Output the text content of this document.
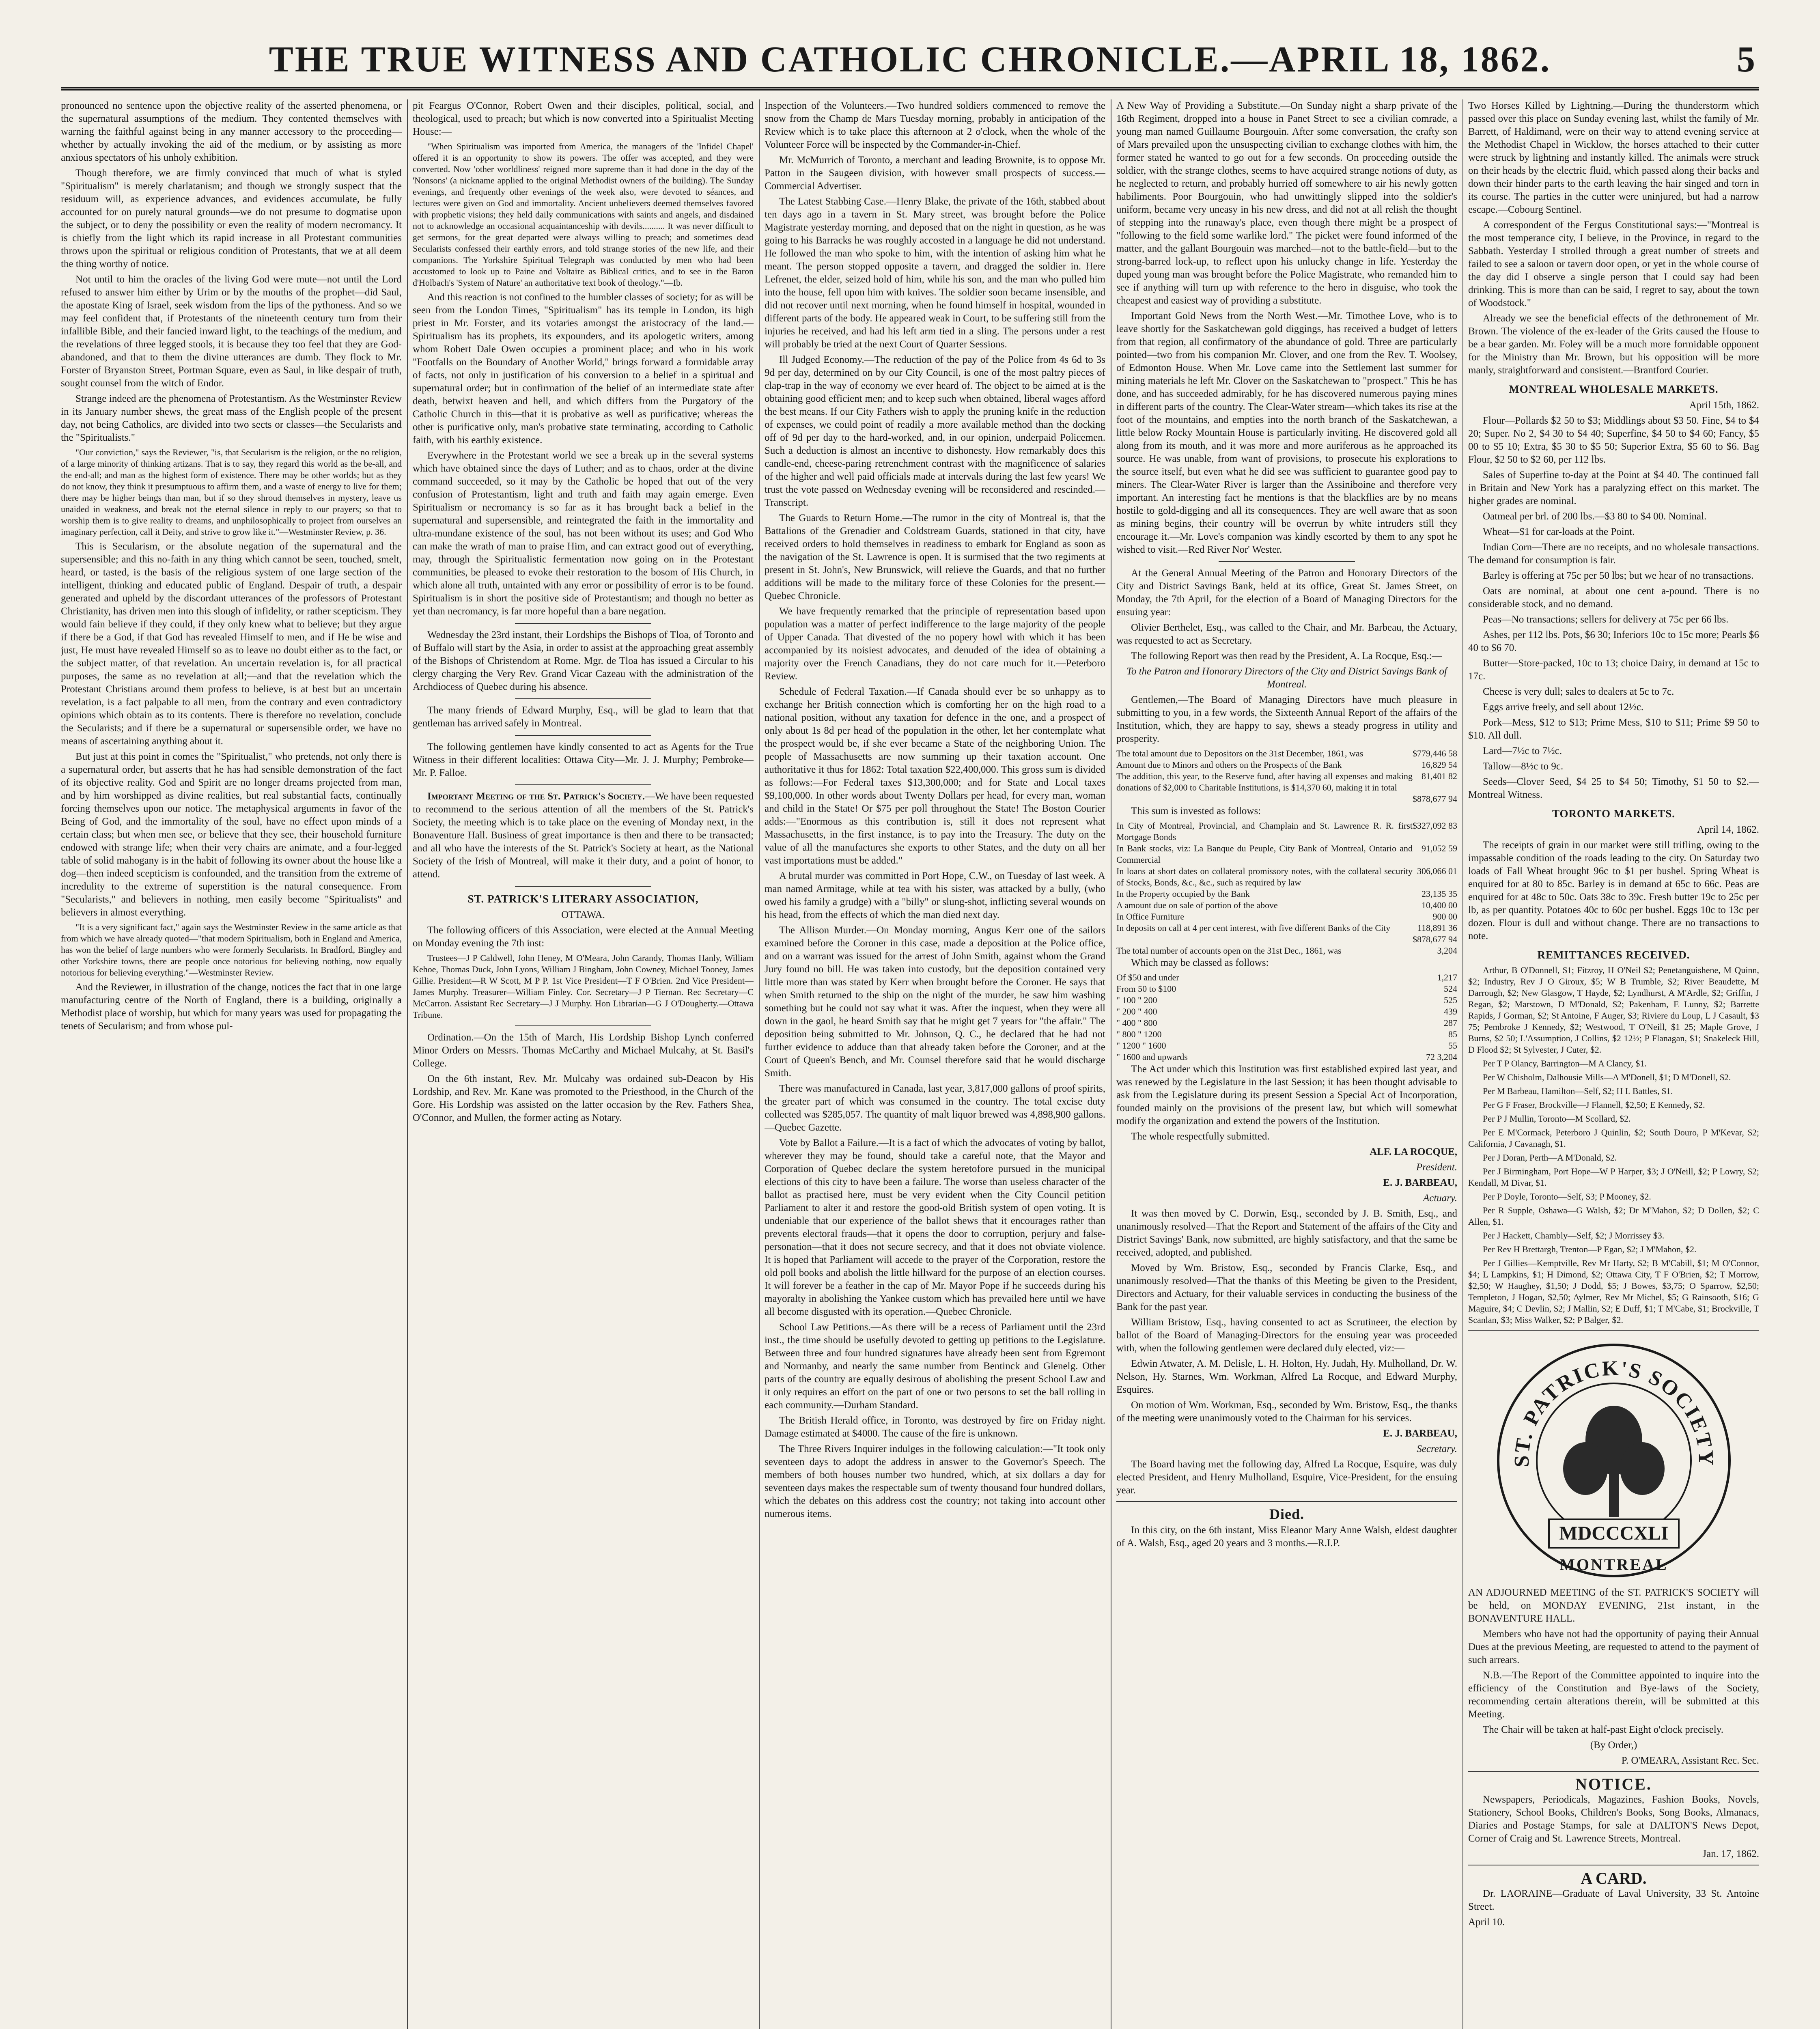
THE TRUE WITNESS AND CATHOLIC CHRONICLE.—APRIL 18, 1862.	5

pronounced no sentence upon the objective reality of the asserted phenomena, or the supernatural assumptions of the medium. They contented themselves with warning the faithful against being in any manner accessory to the proceeding—whether by actually invoking the aid of the medium, or by assisting as more anxious spectators of his unholy exhibition.

Though therefore, we are firmly convinced that much of what is styled "Spiritualism" is merely charlatanism; and though we strongly suspect that the residuum will, as experience advances, and evidences accumulate, be fully accounted for on purely natural grounds—we do not presume to dogmatise upon the subject, or to deny the possibility or even the reality of modern necromancy. It is chiefly from the light which its rapid increase in all Protestant communities throws upon the spiritual or religious condition of Protestants, that we at all deem the thing worthy of notice.

Not until to him the oracles of the living God were mute—not until the Lord refused to answer him either by Urim or by the mouths of the prophet—did Saul, the apostate King of Israel, seek wisdom from the lips of the pythoness. And so we may feel confident that, if Protestants of the nineteenth century turn from their infallible Bible, and their fancied inward light, to the teachings of the medium, and the revelations of three legged stools, it is because they too feel that they are God-abandoned, and that to them the divine utterances are dumb. They flock to Mr. Forster of Bryanston Street, Portman Square, even as Saul, in like despair of truth, sought counsel from the witch of Endor.

Strange indeed are the phenomena of Protestantism. As the Westminster Review in its January number shews, the great mass of the English people of the present day, not being Catholics, are divided into two sects or classes—the Secularists and the "Spiritualists."

"Our conviction," says the Reviewer, "is, that Secularism is the religion, or the no religion, of a large minority of thinking artizans. That is to say, they regard this world as the be-all, and the end-all; and man as the highest form of existence. There may be other worlds; but as they do not know, they think it presumptuous to affirm them, and a waste of energy to live for them; there may be higher beings than man, but if so they shroud themselves in mystery, leave us unaided in weakness, and break not the eternal silence in reply to our prayers; so that to worship them is to give reality to dreams, and unphilosophically to project from ourselves an imaginary perfection, call it Deity, and strive to grow like it."—Westminster Review, p. 36.

This is Secularism, or the absolute negation of the supernatural and the supersensible; and this no-faith in any thing which cannot be seen, touched, smelt, heard, or tasted, is the basis of the religious system of one large section of the intelligent, thinking and educated public of England. Despair of truth, a despair generated and upheld by the discordant utterances of the professors of Protestant Christianity, has driven men into this slough of infidelity, or rather scepticism. They would fain believe if they could, if they only knew what to believe; but they argue if there be a God, if that God has revealed Himself to men, and if He be wise and just, He must have revealed Himself so as to leave no doubt either as to the fact, or the subject matter, of that revelation. An uncertain revelation is, for all practical purposes, the same as no revelation at all;—and that the revelation which the Protestant Christians around them profess to believe, is at best but an uncertain revelation, is a fact palpable to all men, from the contrary and even contradictory opinions which obtain as to its contents. There is therefore no revelation, conclude the Secularists; and if there be a supernatural or supersensible order, we have no means of ascertaining anything about it.

But just at this point in comes the "Spiritualist," who pretends, not only there is a supernatural order, but asserts that he has had sensible demonstration of the fact of its objective reality. God and Spirit are no longer dreams projected from man, and by him worshipped as divine realities, but real substantial facts, continually forcing themselves upon our notice. The metaphysical arguments in favor of the Being of God, and the immortality of the soul, have no effect upon minds of a certain class; but when men see, or believe that they see, their household furniture endowed with strange life; when their very chairs are animate, and a four-legged table of solid mahogany is in the habit of following its owner about the house like a dog—then indeed scepticism is confounded, and the transition from the extreme of incredulity to the extreme of superstition is the natural consequence. From "Secularists," and believers in nothing, men easily become "Spiritualists" and believers in almost everything.

"It is a very significant fact," again says the Westminster Review in the same article as that from which we have already quoted—"that modern Spiritualism, both in England and America, has won the belief of large numbers who were formerly Secularists. In Bradford, Bingley and other Yorkshire towns, there are people once notorious for believing nothing, now equally notorious for believing everything."—Westminster Review.

And the Reviewer, in illustration of the change, notices the fact that in one large manufacturing centre of the North of England, there is a building, originally a Methodist place of worship, but which for many years was used for propagating the tenets of Secularism; and from whose pul-

pit Feargus O'Connor, Robert Owen and their disciples, political, social, and theological, used to preach; but which is now converted into a Spiritualist Meeting House:—

"When Spiritualism was imported from America, the managers of the 'Infidel Chapel' offered it is an opportunity to show its powers. The offer was accepted, and they were converted. Now 'other worldliness' reigned more supreme than it had done in the day of the 'Nonsons' (a nickname applied to the original Methodist owners of the building). The Sunday evenings, and frequently other evenings of the week also, were devoted to séances, and lectures were given on God and immortality. Ancient unbelievers deemed themselves favored with prophetic visions; they held daily communications with saints and angels, and disdained not to acknowledge an occasional acquaintanceship with devils.......... It was never difficult to get sermons, for the great departed were always willing to preach; and sometimes dead Secularists confessed their earthly errors, and told strange stories of the new life, and their companions. The Yorkshire Spiritual Telegraph was conducted by men who had been accustomed to look up to Paine and Voltaire as Biblical critics, and to see in the Baron d'Holbach's 'System of Nature' an authoritative text book of theology."—Ib.

And this reaction is not confined to the humbler classes of society; for as will be seen from the London Times, "Spiritualism" has its temple in London, its high priest in Mr. Forster, and its votaries amongst the aristocracy of the land.—Spiritualism has its prophets, its expounders, and its apologetic writers, among whom Robert Dale Owen occupies a prominent place; and who in his work "Footfalls on the Boundary of Another World," brings forward a formidable array of facts, not only in justification of his conversion to a belief in a spiritual and supernatural order; but in confirmation of the belief of an intermediate state after death, betwixt heaven and hell, and which differs from the Purgatory of the Catholic Church in this—that it is probative as well as purificative; whereas the other is purificative only, man's probative state terminating, according to Catholic faith, with his earthly existence.

Everywhere in the Protestant world we see a break up in the several systems which have obtained since the days of Luther; and as to chaos, order at the divine command succeeded, so it may by the Catholic be hoped that out of the very confusion of Protestantism, light and truth and faith may again emerge. Even Spiritualism or necromancy is so far as it has brought back a belief in the supernatural and supersensible, and reintegrated the faith in the immortality and ultra-mundane existence of the soul, has not been without its uses; and God Who can make the wrath of man to praise Him, and can extract good out of everything, may, through the Spiritualistic fermentation now going on in the Protestant communities, be pleased to evoke their restoration to the bosom of His Church, in which alone all truth, untainted with any error or possibility of error is to be found. Spiritualism is in short the positive side of Protestantism; and though no better as yet than necromancy, is far more hopeful than a bare negation.

Wednesday the 23rd instant, their Lordships the Bishops of Tloa, of Toronto and of Buffalo will start by the Asia, in order to assist at the approaching great assembly of the Bishops of Christendom at Rome. Mgr. de Tloa has issued a Circular to his clergy charging the Very Rev. Grand Vicar Cazeau with the administration of the Archdiocess of Quebec during his absence.

The many friends of Edward Murphy, Esq., will be glad to learn that that gentleman has arrived safely in Montreal.

The following gentlemen have kindly consented to act as Agents for the True Witness in their different localities: Ottawa City—Mr. J. J. Murphy; Pembroke—Mr. P. Falloe.

Important Meeting of the St. Patrick's Society.—We have been requested to recommend to the serious attention of all the members of the St. Patrick's Society, the meeting which is to take place on the evening of Monday next, in the Bonaventure Hall. Business of great importance is then and there to be transacted; and all who have the interests of the St. Patrick's Society at heart, as the National Society of the Irish of Montreal, will make it their duty, and a point of honor, to attend.

ST. PATRICK'S LITERARY ASSOCIATION,
OTTAWA.

The following officers of this Association, were elected at the Annual Meeting on Monday evening the 7th inst:

Trustees—J P Caldwell, John Heney, M O'Meara, John Carandy, Thomas Hanly, William Kehoe, Thomas Duck, John Lyons, William J Bingham, John Cowney, Michael Tooney, James Gillie. President—R W Scott, M P P. 1st Vice President—T F O'Brien. 2nd Vice President—James Murphy. Treasurer—William Finley. Cor. Secretary—J P Tiernan. Rec Secretary—C McCarron. Assistant Rec Secretary—J J Murphy. Hon Librarian—G J O'Dougherty.—Ottawa Tribune.

Ordination.—On the 15th of March, His Lordship Bishop Lynch conferred Minor Orders on Messrs. Thomas McCarthy and Michael Mulcahy, at St. Basil's College.

On the 6th instant, Rev. Mr. Mulcahy was ordained sub-Deacon by His Lordship, and Rev. Mr. Kane was promoted to the Priesthood, in the Church of the Gore. His Lordship was assisted on the latter occasion by the Rev. Fathers Shea, O'Connor, and Mullen, the former acting as Notary.

Inspection of the Volunteers.—Two hundred soldiers commenced to remove the snow from the Champ de Mars Tuesday morning, probably in anticipation of the Review which is to take place this afternoon at 2 o'clock, when the whole of the Volunteer Force will be inspected by the Commander-in-Chief.

Mr. McMurrich of Toronto, a merchant and leading Brownite, is to oppose Mr. Patton in the Saugeen division, with however small prospects of success.—Commercial Advertiser.

The Latest Stabbing Case.—Henry Blake, the private of the 16th, stabbed about ten days ago in a tavern in St. Mary street, was brought before the Police Magistrate yesterday morning, and deposed that on the night in question, as he was going to his Barracks he was roughly accosted in a language he did not understand. He followed the man who spoke to him, with the intention of asking him what he meant. The person stopped opposite a tavern, and dragged the soldier in. Here Lefrenet, the elder, seized hold of him, while his son, and the man who pulled him into the house, fell upon him with knives. The soldier soon became insensible, and did not recover until next morning, when he found himself in hospital, wounded in different parts of the body. He appeared weak in Court, to be suffering still from the injuries he received, and had his left arm tied in a sling. The persons under a rest will probably be tried at the next Court of Quarter Sessions.

Ill Judged Economy.—The reduction of the pay of the Police from 4s 6d to 3s 9d per day, determined on by our City Council, is one of the most paltry pieces of clap-trap in the way of economy we ever heard of. The object to be aimed at is the obtaining good efficient men; and to keep such when obtained, liberal wages afford the best means. If our City Fathers wish to apply the pruning knife in the reduction of expenses, we could point of readily a more available method than the docking off of 9d per day to the hard-worked, and, in our opinion, underpaid Policemen. Such a deduction is almost an incentive to dishonesty. How remarkably does this candle-end, cheese-paring retrenchment contrast with the magnificence of salaries of the higher and well paid officials made at intervals during the last few years! We trust the vote passed on Wednesday evening will be reconsidered and rescinded.—Transcript.

The Guards to Return Home.—The rumor in the city of Montreal is, that the Battalions of the Grenadier and Coldstream Guards, stationed in that city, have received orders to hold themselves in readiness to embark for England as soon as the navigation of the St. Lawrence is open. It is surmised that the two regiments at present in St. John's, New Brunswick, will relieve the Guards, and that no further additions will be made to the military force of these Colonies for the present.—Quebec Chronicle.

We have frequently remarked that the principle of representation based upon population was a matter of perfect indifference to the large majority of the people of Upper Canada. That divested of the no popery howl with which it has been accompanied by its noisiest advocates, and denuded of the idea of obtaining a majority over the French Canadians, they do not care much for it.—Peterboro Review.

Schedule of Federal Taxation.—If Canada should ever be so unhappy as to exchange her British connection which is comforting her on the high road to a national position, without any taxation for defence in the one, and a prospect of only about 1s 8d per head of the population in the other, let her contemplate what the prospect would be, if she ever became a State of the neighboring Union. The people of Massachusetts are now summing up their taxation account. One authoritative it thus for 1862: Total taxation $22,400,000. This gross sum is divided as follows:—For Federal taxes $13,300,000; and for State and Local taxes $9,100,000. In other words about Twenty Dollars per head, for every man, woman and child in the State! Or $75 per poll throughout the State! The Boston Courier adds:—"Enormous as this contribution is, still it does not represent what Massachusetts, in the first instance, is to pay into the Treasury. The duty on the value of all the manufactures she exports to other States, and the duty on all her vast importations must be added."

A brutal murder was committed in Port Hope, C.W., on Tuesday of last week. A man named Armitage, while at tea with his sister, was attacked by a bully, (who owed his family a grudge) with a "billy" or slung-shot, inflicting several wounds on his head, from the effects of which the man died next day.

The Allison Murder.—On Monday morning, Angus Kerr one of the sailors examined before the Coroner in this case, made a deposition at the Police office, and on a warrant was issued for the arrest of John Smith, against whom the Grand Jury found no bill. He was taken into custody, but the deposition contained very little more than was stated by Kerr when brought before the Coroner. He says that when Smith returned to the ship on the night of the murder, he saw him washing something but he could not say what it was. After the inquest, when they were all down in the gaol, he heard Smith say that he might get 7 years for "the affair." The deposition being submitted to Mr. Johnson, Q. C., he declared that he had not further evidence to adduce than that already taken before the Coroner, and at the Court of Queen's Bench, and Mr. Counsel therefore said that he would discharge Smith.

There was manufactured in Canada, last year, 3,817,000 gallons of proof spirits, the greater part of which was consumed in the country. The total excise duty collected was $285,057. The quantity of malt liquor brewed was 4,898,900 gallons.—Quebec Gazette.

Vote by Ballot a Failure.—It is a fact of which the advocates of voting by ballot, wherever they may be found, should take a careful note, that the Mayor and Corporation of Quebec declare the system heretofore pursued in the municipal elections of this city to have been a failure. The worse than useless character of the ballot as practised here, must be very evident when the City Council petition Parliament to alter it and restore the good-old British system of open voting. It is undeniable that our experience of the ballot shews that it encourages rather than prevents electoral frauds—that it opens the door to corruption, perjury and false-personation—that it does not secure secrecy, and that it does not obviate violence. It is hoped that Parliament will accede to the prayer of the Corporation, restore the old poll books and abolish the little hillward for the purpose of an election courses. It will forever be a feather in the cap of Mr. Mayor Pope if he succeeds during his mayoralty in abolishing the Yankee custom which has prevailed here until we have all become disgusted with its operation.—Quebec Chronicle.

School Law Petitions.—As there will be a recess of Parliament until the 23rd inst., the time should be usefully devoted to getting up petitions to the Legislature. Between three and four hundred signatures have already been sent from Egremont and Normanby, and nearly the same number from Bentinck and Glenelg. Other parts of the country are equally desirous of abolishing the present School Law and it only requires an effort on the part of one or two persons to set the ball rolling in each community.—Durham Standard.

The British Herald office, in Toronto, was destroyed by fire on Friday night. Damage estimated at $4000. The cause of the fire is unknown.

The Three Rivers Inquirer indulges in the following calculation:—"It took only seventeen days to adopt the address in answer to the Governor's Speech. The members of both houses number two hundred, which, at six dollars a day for seventeen days makes the respectable sum of twenty thousand four hundred dollars, which the debates on this address cost the country; not taking into account other numerous items.

A New Way of Providing a Substitute.—On Sunday night a sharp private of the 16th Regiment, dropped into a house in Panet Street to see a civilian comrade, a young man named Guillaume Bourgouin. After some conversation, the crafty son of Mars prevailed upon the unsuspecting civilian to exchange clothes with him, the former stated he wanted to go out for a few seconds. On proceeding outside the soldier, with the strange clothes, seems to have acquired strange notions of duty, as he neglected to return, and probably hurried off somewhere to air his newly gotten habiliments. Poor Bourgouin, who had unwittingly slipped into the soldier's uniform, became very uneasy in his new dress, and did not at all relish the thought of stepping into the runaway's place, even though there might be a prospect of "following to the field some warlike lord." The picket were found informed of the matter, and the gallant Bourgouin was marched—not to the battle-field—but to the strong-barred lock-up, to reflect upon his unlucky change in life. Yesterday the duped young man was brought before the Police Magistrate, who remanded him to see if anything will turn up with reference to the hero in disguise, who took the cheapest and easiest way of providing a substitute.

Important Gold News from the North West.—Mr. Timothee Love, who is to leave shortly for the Saskatchewan gold diggings, has received a budget of letters from that region, all confirmatory of the abundance of gold. Three are particularly pointed—two from his companion Mr. Clover, and one from the Rev. T. Woolsey, of Edmonton House. When Mr. Love came into the Settlement last summer for mining materials he left Mr. Clover on the Saskatchewan to "prospect." This he has done, and has succeeded admirably, for he has discovered numerous paying mines in different parts of the country. The Clear-Water stream—which takes its rise at the foot of the mountains, and empties into the north branch of the Saskatchewan, a little below Rocky Mountain House is particularly inviting. He discovered gold all along from its mouth, and it was more and more auriferous as he approached its source. He was unable, from want of provisions, to prosecute his explorations to the source itself, but even what he did see was sufficient to guarantee good pay to miners. The Clear-Water River is larger than the Assiniboine and therefore very important. An interesting fact he mentions is that the blackflies are by no means hostile to gold-digging and all its consequences. They are well aware that as soon as mining begins, their country will be overrun by white intruders still they encourage it.—Mr. Love's companion was kindly escorted by them to any spot he wished to visit.—Red River Nor' Wester.

At the General Annual Meeting of the Patron and Honorary Directors of the City and District Savings Bank, held at its office, Great St. James Street, on Monday, the 7th April, for the election of a Board of Managing Directors for the ensuing year:

Olivier Berthelet, Esq., was called to the Chair, and Mr. Barbeau, the Actuary, was requested to act as Secretary.

The following Report was then read by the President, A. La Rocque, Esq.:—

To the Patron and Honorary Directors of the City and District Savings Bank of Montreal.

Gentlemen,—The Board of Managing Directors have much pleasure in submitting to you, in a few words, the Sixteenth Annual Report of the affairs of the Institution, which, they are happy to say, shews a steady progress in utility and prosperity.

The total amount due to Depositors on the 31st December, 1861, was	$779,446 58
Amount due to Minors and others on the Prospects of the Bank	16,829 54
The addition, this year, to the Reserve fund, after having all expenses and making donations of $2,000 to Charitable Institutions, is $14,370 60, making it in total	81,401 82
	$878,677 94

This sum is invested as follows:

In City of Montreal, Provincial, and Champlain and St. Lawrence R. R. first Mortgage Bonds	$327,092 83
In Bank stocks, viz: La Banque du Peuple, City Bank of Montreal, Ontario and Commercial	91,052 59
In loans at short dates on collateral promissory notes, with the collateral security of Stocks, Bonds, &c., &c., such as required by law	306,066 01
In the Property occupied by the Bank	23,135 35
A amount due on sale of portion of the above	10,400 00
In Office Furniture	900 00
In deposits on call at 4 per cent interest, with five different Banks of the City	118,891 36
	$878,677 94
The total number of accounts open on the 31st Dec., 1861, was	3,204

Which may be classed as follows:

Of $50 and under	1,217
From 50 to $100	524
" 100 " 200	525
" 200 " 400	439
" 400 " 800	287
" 800 " 1200	85
" 1200 " 1600	55
" 1600 and upwards	72 3,204

The Act under which this Institution was first established expired last year, and was renewed by the Legislature in the last Session; it has been thought advisable to ask from the Legislature during its present Session a Special Act of Incorporation, founded mainly on the provisions of the present law, but which will somewhat modify the organization and extend the powers of the Institution.

The whole respectfully submitted.

ALF. LA ROCQUE,

President.

E. J. BARBEAU,

Actuary.

It was then moved by C. Dorwin, Esq., seconded by J. B. Smith, Esq., and unanimously resolved—That the Report and Statement of the affairs of the City and District Savings' Bank, now submitted, are highly satisfactory, and that the same be received, adopted, and published.

Moved by Wm. Bristow, Esq., seconded by Francis Clarke, Esq., and unanimously resolved—That the thanks of this Meeting be given to the President, Directors and Actuary, for their valuable services in conducting the business of the Bank for the past year.

William Bristow, Esq., having consented to act as Scrutineer, the election by ballot of the Board of Managing-Directors for the ensuing year was proceeded with, when the following gentlemen were declared duly elected, viz:—

Edwin Atwater, A. M. Delisle, L. H. Holton, Hy. Judah, Hy. Mulholland, Dr. W. Nelson, Hy. Starnes, Wm. Workman, Alfred La Rocque, and Edward Murphy, Esquires.

On motion of Wm. Workman, Esq., seconded by Wm. Bristow, Esq., the thanks of the meeting were unanimously voted to the Chairman for his services.

E. J. BARBEAU,

Secretary.

The Board having met the following day, Alfred La Rocque, Esquire, was duly elected President, and Henry Mulholland, Esquire, Vice-President, for the ensuing year.

Died.

In this city, on the 6th instant, Miss Eleanor Mary Anne Walsh, eldest daughter of A. Walsh, Esq., aged 20 years and 3 months.—R.I.P.

Two Horses Killed by Lightning.—During the thunderstorm which passed over this place on Sunday evening last, whilst the family of Mr. Barrett, of Haldimand, were on their way to attend evening service at the Methodist Chapel in Wicklow, the horses attached to their cutter were struck by lightning and instantly killed. The animals were struck on their heads by the electric fluid, which passed along their backs and down their hinder parts to the earth leaving the hair singed and torn in its course. The parties in the cutter were uninjured, but had a narrow escape.—Cobourg Sentinel.

A correspondent of the Fergus Constitutional says:—"Montreal is the most temperance city, I believe, in the Province, in regard to the Sabbath. Yesterday I strolled through a great number of streets and failed to see a saloon or tavern door open, or yet in the whole course of the day did I observe a single person that I could say had been drinking. This is more than can be said, I regret to say, about the town of Woodstock."

Already we see the beneficial effects of the dethronement of Mr. Brown. The violence of the ex-leader of the Grits caused the House to be a bear garden. Mr. Foley will be a much more formidable opponent for the Ministry than Mr. Brown, but his opposition will be more manly, straightforward and consistent.—Brantford Courier.

MONTREAL WHOLESALE MARKETS.

April 15th, 1862.

Flour—Pollards $2 50 to $3; Middlings about $3 50. Fine, $4 to $4 20; Super. No 2, $4 30 to $4 40; Superfine, $4 50 to $4 60; Fancy, $5 00 to $5 10; Extra, $5 30 to $5 50; Superior Extra, $5 60 to $6. Bag Flour, $2 50 to $2 60, per 112 lbs.

Sales of Superfine to-day at the Point at $4 40. The continued fall in Britain and New York has a paralyzing effect on this market. The higher grades are nominal.

Oatmeal per brl. of 200 lbs.—$3 80 to $4 00. Nominal.

Wheat—$1 for car-loads at the Point.

Indian Corn—There are no receipts, and no wholesale transactions. The demand for consumption is fair.

Barley is offering at 75c per 50 lbs; but we hear of no transactions.

Oats are nominal, at about one cent a-pound. There is no considerable stock, and no demand.

Peas—No transactions; sellers for delivery at 75c per 66 lbs.

Ashes, per 112 lbs. Pots, $6 30; Inferiors 10c to 15c more; Pearls $6 40 to $6 70.

Butter—Store-packed, 10c to 13; choice Dairy, in demand at 15c to 17c.

Cheese is very dull; sales to dealers at 5c to 7c.

Eggs arrive freely, and sell about 12½c.

Pork—Mess, $12 to $13; Prime Mess, $10 to $11; Prime $9 50 to $10. All dull.

Lard—7½c to 7½c.

Tallow—8½c to 9c.

Seeds—Clover Seed, $4 25 to $4 50; Timothy, $1 50 to $2.—Montreal Witness.

TORONTO MARKETS.

April 14, 1862.

The receipts of grain in our market were still trifling, owing to the impassable condition of the roads leading to the city. On Saturday two loads of Fall Wheat brought 96c to $1 per bushel. Spring Wheat is enquired for at 80 to 85c. Barley is in demand at 65c to 66c. Peas are enquired for at 48c to 50c. Oats 38c to 39c. Fresh butter 19c to 25c per lb, as per quantity. Potatoes 40c to 60c per bushel. Eggs 10c to 13c per dozen. Flour is dull and without change. There are no transactions to note.

REMITTANCES RECEIVED.

Arthur, B O'Donnell, $1; Fitzroy, H O'Neil $2; Penetanguishene, M Quinn, $2; Industry, Rev J O Giroux, $5; W B Trumble, $2; River Beaudette, M Darrough, $2; New Glasgow, T Hayde, $2; Lyndhurst, A M'Ardle, $2; Griffin, J Regan, $2; Marstown, D M'Donald, $2; Pakenham, E Lunny, $2; Barrette Rapids, J Gorman, $2; St Antoine, F Auger, $3; Riviere du Loup, L J Casault, $3 75; Pembroke J Kennedy, $2; Westwood, T O'Neill, $1 25; Maple Grove, J Burns, $2 50; L'Assumption, J Collins, $2 12½; P Flanagan, $1; Snakeleck Hill, D Flood $2; St Sylvester, J Cuter, $2.

Per T P Olancy, Barrington—M A Clancy, $1.

Per W Chisholm, Dalhousie Mills—A M'Donell, $1; D M'Donell, $2.

Per M Barbeau, Hamilton—Self, $2; H L Battles, $1.

Per G F Fraser, Brockville—J Flannell, $2,50; E Kennedy, $2.

Per P J Mullin, Toronto—M Scollard, $2.

Per E M'Cormack, Peterboro J Quinlin, $2; South Douro, P M'Kevar, $2; California, J Cavanagh, $1.

Per J Doran, Perth—A M'Donald, $2.

Per J Birmingham, Port Hope—W P Harper, $3; J O'Neill, $2; P Lowry, $2; Kendall, M Divar, $1.

Per P Doyle, Toronto—Self, $3; P Mooney, $2.

Per R Supple, Oshawa—G Walsh, $2; Dr M'Mahon, $2; D Dollen, $2; C Allen, $1.

Per J Hackett, Chambly—Self, $2; J Morrissey $3.

Per Rev H Brettargh, Trenton—P Egan, $2; J M'Mahon, $2.

Per J Gillies—Kemptville, Rev Mr Harty, $2; B M'Cabill, $1; M O'Connor, $4; L Lampkins, $1; H Dimond, $2; Ottawa City, T F O'Brien, $2; T Morrow, $2,50; W Haughey, $1,50; J Dodd, $5; J Bowes, $3,75; O Sparrow, $2,50; Templeton, J Hogan, $2,50; Aylmer, Rev Mr Michel, $5; G Rainsooth, $16; G Maguire, $4; C Devlin, $2; J Mallin, $2; E Duff, $1; T M'Cabe, $1; Brockville, T Scanlan, $3; Miss Walker, $2; P Balger, $2.

ST. PATRICK'S SOCIETY
MDCCCXLI
MONTREAL

AN ADJOURNED MEETING of the ST. PATRICK'S SOCIETY will be held, on MONDAY EVENING, 21st instant, in the BONAVENTURE HALL.

Members who have not had the opportunity of paying their Annual Dues at the previous Meeting, are requested to attend to the payment of such arrears.

N.B.—The Report of the Committee appointed to inquire into the efficiency of the Constitution and Bye-laws of the Society, recommending certain alterations therein, will be submitted at this Meeting.

The Chair will be taken at half-past Eight o'clock precisely.

(By Order,)

P. O'MEARA, Assistant Rec. Sec.

NOTICE.

Newspapers, Periodicals, Magazines, Fashion Books, Novels, Stationery, School Books, Children's Books, Song Books, Almanacs, Diaries and Postage Stamps, for sale at DALTON'S News Depot, Corner of Craig and St. Lawrence Streets, Montreal.

Jan. 17, 1862.

A CARD.

Dr. LAORAINE—Graduate of Laval University, 33 St. Antoine Street.

April 10.
